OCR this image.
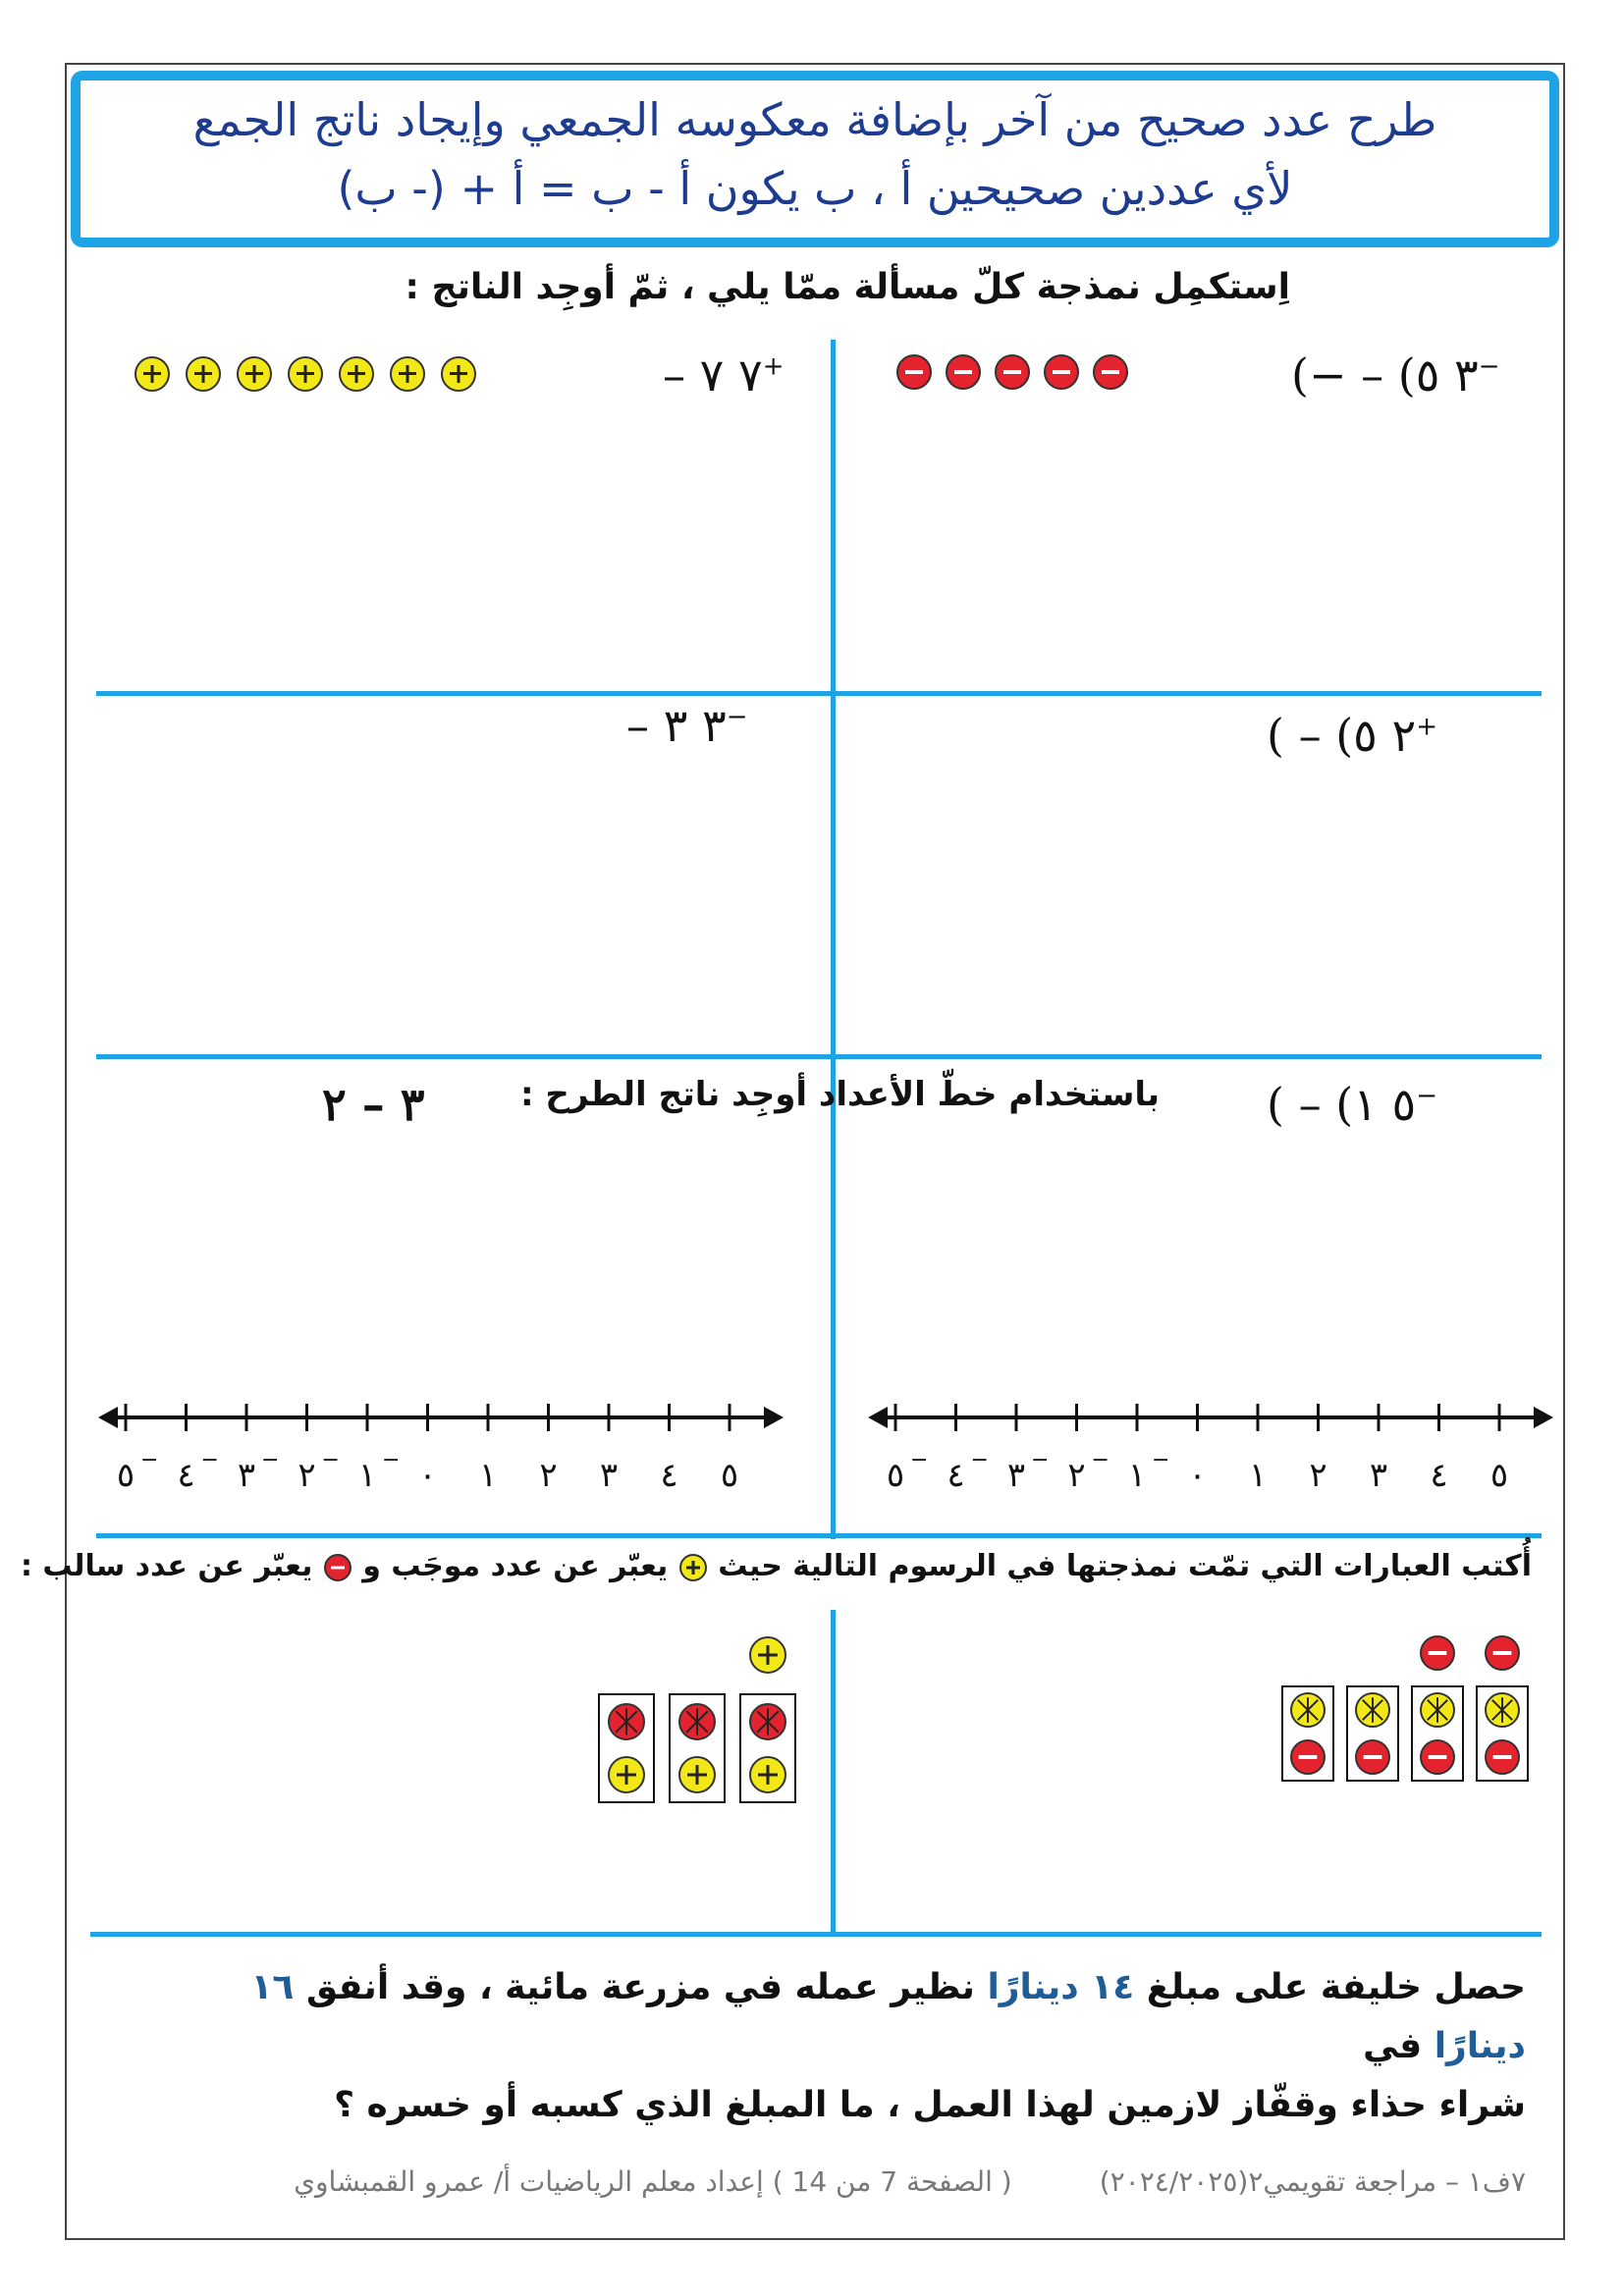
طرح عدد صحيح من آخر بإضافة معكوسه الجمعي وإيجاد ناتج الجمع
لأي عددين صحيحين أ ، ب يكون أ - ب = أ + (- ب)
اِستكمِل نمذجة كلّ مسألة ممّا يلي ، ثمّ أوجِد الناتج :
(− – (٣ ٥ −
– ٧ ٧ +
( – (٢ ٥ +
– ٣ ٣ −
باستخدام خطّ الأعداد أوجِد ناتج الطرح :
٣ – ٢	( – (٥ ١ −
٥ − ٤ − ٣ − ٢ − ١ − ٠ ١ ٢ ٣ ٤ ٥	٥ − ٤ − ٣ − ٢ − ١ − ٠ ١ ٢ ٣ ٤ ٥
أُكتب العبارات التي تمّت نمذجتها في الرسوم التالية حيث  يعبّر عن عدد موجَب و  يعبّر عن عدد سالب :
حصل خليفة على مبلغ ١٤ دينارًا نظير عمله في مزرعة مائية ، وقد أنفق ١٦ دينارًا في
شراء حذاء وقفّاز لازمين لهذا العمل ، ما المبلغ الذي كسبه أو خسره ؟
٧ف١ – مراجعة تقويمي٢(٢٠٢٤/٢٠٢٥)          ( الصفحة 7 من 14 ) إعداد معلم الرياضيات أ/ عمرو القمبشاوي
